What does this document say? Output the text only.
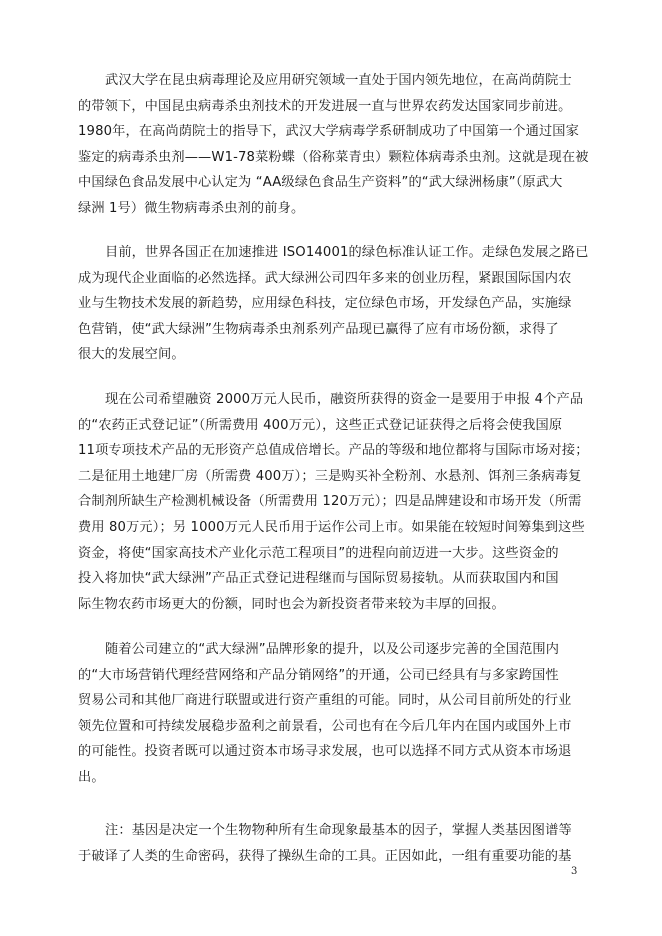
武汉大学在昆虫病毒理论及应用研究领域一直处于国内领先地位，在高尚荫院士
的带领下，中国昆虫病毒杀虫剂技术的开发进展一直与世界农药发达国家同步前进。
1980年，在高尚荫院士的指导下，武汉大学病毒学系研制成功了中国第一个通过国家
鉴定的病毒杀虫剂——W1-78菜粉蝶（俗称菜青虫）颗粒体病毒杀虫剂。这就是现在被
中国绿色食品发展中心认定为 “AA级绿色食品生产资料”的“武大绿洲杨康”（原武大
绿洲 1号）微生物病毒杀虫剂的前身。
目前，世界各国正在加速推进 ISO14001的绿色标准认证工作。走绿色发展之路已
成为现代企业面临的必然选择。武大绿洲公司四年多来的创业历程，紧跟国际国内农
业与生物技术发展的新趋势，应用绿色科技，定位绿色市场，开发绿色产品，实施绿
色营销，使“武大绿洲”生物病毒杀虫剂系列产品现已赢得了应有市场份额，求得了
很大的发展空间。
现在公司希望融资 2000万元人民币，融资所获得的资金一是要用于申报 4个产品
的“农药正式登记证”（所需费用 400万元），这些正式登记证获得之后将会使我国原
11项专项技术产品的无形资产总值成倍增长。产品的等级和地位都将与国际市场对接；
二是征用土地建厂房（所需费 400万）；三是购买补全粉剂、水悬剂、饵剂三条病毒复
合制剂所缺生产检测机械设备（所需费用 120万元）；四是品牌建设和市场开发（所需
费用 80万元）；另 1000万元人民币用于运作公司上市。如果能在较短时间筹集到这些
资金，将使“国家高技术产业化示范工程项目”的进程向前迈进一大步。这些资金的
投入将加快“武大绿洲”产品正式登记进程继而与国际贸易接轨。从而获取国内和国
际生物农药市场更大的份额，同时也会为新投资者带来较为丰厚的回报。
随着公司建立的“武大绿洲”品牌形象的提升，以及公司逐步完善的全国范围内
的“大市场营销代理经营网络和产品分销网络”的开通，公司已经具有与多家跨国性
贸易公司和其他厂商进行联盟或进行资产重组的可能。同时，从公司目前所处的行业
领先位置和可持续发展稳步盈利之前景看，公司也有在今后几年内在国内或国外上市
的可能性。投资者既可以通过资本市场寻求发展，也可以选择不同方式从资本市场退
出。
注：基因是决定一个生物物种所有生命现象最基本的因子，掌握人类基因图谱等
于破译了人类的生命密码，获得了操纵生命的工具。正因如此，一组有重要功能的基
3
